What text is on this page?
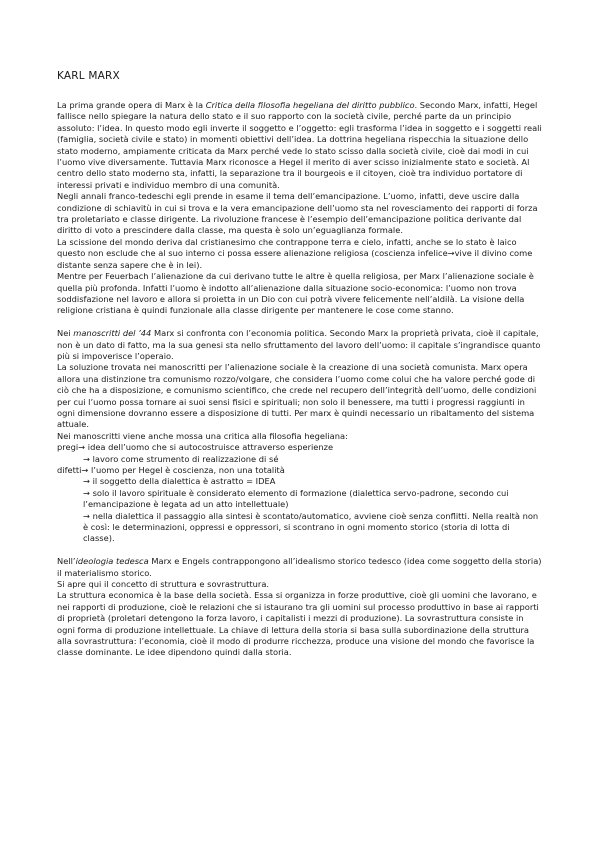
KARL MARX

La prima grande opera di Marx è la Critica della filosofia hegeliana del diritto pubblico. Secondo Marx, infatti, Hegel fallisce nello spiegare la natura dello stato e il suo rapporto con la società civile, perché parte da un principio assoluto: l’idea. In questo modo egli inverte il soggetto e l’oggetto: egli trasforma l’idea in soggetto e i soggetti reali (famiglia, società civile e stato) in momenti obiettivi dell’idea. La dottrina hegeliana rispecchia la situazione dello stato moderno, ampiamente criticata da Marx perché vede lo stato scisso dalla società civile, cioè dai modi in cui l’uomo vive diversamente. Tuttavia Marx riconosce a Hegel il merito di aver scisso inizialmente stato e società. Al centro dello stato moderno sta, infatti, la separazione tra il bourgeois e il citoyen, cioè tra individuo portatore di interessi privati e individuo membro di una comunità.

Negli annali franco-tedeschi egli prende in esame il tema dell’emancipazione. L’uomo, infatti, deve uscire dalla condizione di schiavitù in cui si trova e la vera emancipazione dell’uomo sta nel rovesciamento dei rapporti di forza tra proletariato e classe dirigente. La rivoluzione francese è l’esempio dell’emancipazione politica derivante dal diritto di voto a prescindere dalla classe, ma questa è solo un’eguaglianza formale.

La scissione del mondo deriva dal cristianesimo che contrappone terra e cielo, infatti, anche se lo stato è laico questo non esclude che al suo interno ci possa essere alienazione religiosa (coscienza infelice→vive il divino come distante senza sapere che è in lei).

Mentre per Feuerbach l’alienazione da cui derivano tutte le altre è quella religiosa, per Marx l’alienazione sociale è quella più profonda. Infatti l’uomo è indotto all’alienazione dalla situazione socio-economica: l’uomo non trova soddisfazione nel lavoro e allora si proietta in un Dio con cui potrà vivere felicemente nell’aldilà. La visione della religione cristiana è quindi funzionale alla classe dirigente per mantenere le cose come stanno.

Nei manoscritti del ’44 Marx si confronta con l’economia politica. Secondo Marx la proprietà privata, cioè il capitale, non è un dato di fatto, ma la sua genesi sta nello sfruttamento del lavoro dell’uomo: il capitale s’ingrandisce quanto più si impoverisce l’operaio.

La soluzione trovata nei manoscritti per l’alienazione sociale è la creazione di una società comunista. Marx opera allora una distinzione tra comunismo rozzo/volgare, che considera l’uomo come colui che ha valore perché gode di ciò che ha a disposizione, e comunismo scientifico, che crede nel recupero dell’integrità dell’uomo, delle condizioni per cui l’uomo possa tornare ai suoi sensi fisici e spirituali; non solo il benessere, ma tutti i progressi raggiunti in ogni dimensione dovranno essere a disposizione di tutti. Per marx è quindi necessario un ribaltamento del sistema attuale.

Nei manoscritti viene anche mossa una critica alla filosofia hegeliana:

pregi→ idea dell’uomo che si autocostruisce attraverso esperienze

→ lavoro come strumento di realizzazione di sé

difetti→ l’uomo per Hegel è coscienza, non una totalità

→ il soggetto della dialettica è astratto = IDEA

→ solo il lavoro spirituale è considerato elemento di formazione (dialettica servo-padrone, secondo cui l’emancipazione è legata ad un atto intellettuale)

→ nella dialettica il passaggio alla sintesi è scontato/automatico, avviene cioè senza conflitti. Nella realtà non è così: le determinazioni, oppressi e oppressori, si scontrano in ogni momento storico (storia di lotta di classe).

Nell’ideologia tedesca Marx e Engels contrappongono all’idealismo storico tedesco (idea come soggetto della storia) il materialismo storico.

Si apre qui il concetto di struttura e sovrastruttura.

La struttura economica è la base della società. Essa si organizza in forze produttive, cioè gli uomini che lavorano, e nei rapporti di produzione, cioè le relazioni che si istaurano tra gli uomini sul processo produttivo in base ai rapporti di proprietà (proletari detengono la forza lavoro, i capitalisti i mezzi di produzione). La sovrastruttura consiste in ogni forma di produzione intellettuale. La chiave di lettura della storia si basa sulla subordinazione della struttura alla sovrastruttura: l’economia, cioè il modo di produrre ricchezza, produce una visione del mondo che favorisce la classe dominante. Le idee dipendono quindi dalla storia.
